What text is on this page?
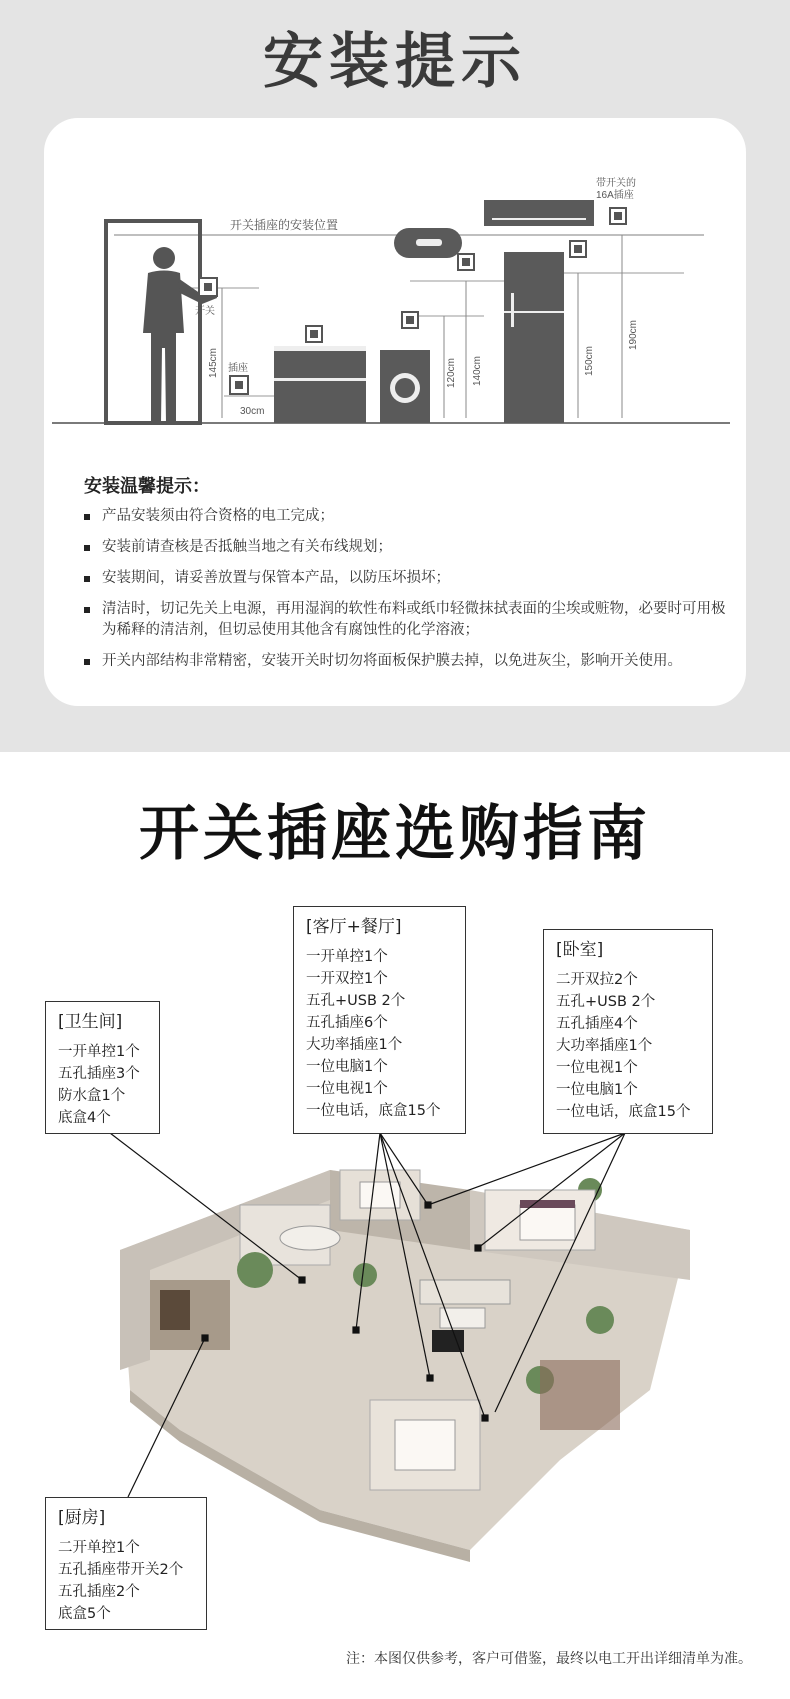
安装提示
开关
插座
145cm
30cm
开关插座的安装位置
120cm 140cm	150cm
带开关的
16A插座
190cm
安装温馨提示：
产品安装须由符合资格的电工完成；
安装前请查核是否抵触当地之有关布线规划；
安装期间，请妥善放置与保管本产品，以防压坏损坏；
清洁时，切记先关上电源，再用湿润的软性布料或纸巾轻微抹拭表面的尘埃或赃物，必要时可用极为稀释的清洁剂，但切忌使用其他含有腐蚀性的化学溶液；
开关内部结构非常精密，安装开关时切勿将面板保护膜去掉，以免进灰尘，影响开关使用。
开关插座选购指南
[卫生间]
一开单控1个
五孔插座3个
防水盒1个
底盒4个
[客厅+餐厅]
一开单控1个
一开双控1个
五孔+USB 2个
五孔插座6个
大功率插座1个
一位电脑1个
一位电视1个
一位电话，底盒15个
[卧室]
二开双拉2个
五孔+USB 2个
五孔插座4个
大功率插座1个
一位电视1个
一位电脑1个
一位电话，底盒15个
[厨房]
二开单控1个
五孔插座带开关2个
五孔插座2个
底盒5个
注：本图仅供参考，客户可借鉴，最终以电工开出详细清单为准。
